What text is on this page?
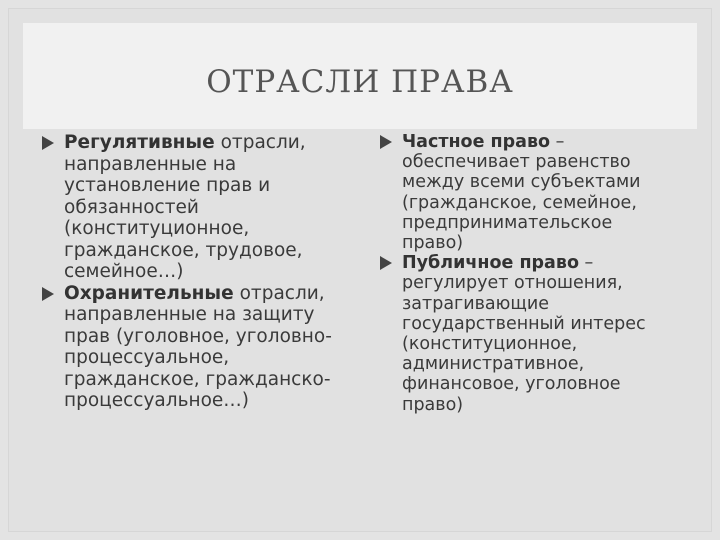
ОТРАСЛИ ПРАВА

Регулятивные отрасли, направленные на установление прав и обязанностей (конституционное, гражданское, трудовое, семейное…)

Охранительные отрасли, направленные на защиту прав (уголовное, уголовно-процессуальное, гражданское, гражданско-процессуальное…)

Частное право – обеспечивает равенство между всеми субъектами (гражданское, семейное, предпринимательское право)

Публичное право – регулирует отношения, затрагивающие государственный интерес (конституционное, административное, финансовое, уголовное право)
